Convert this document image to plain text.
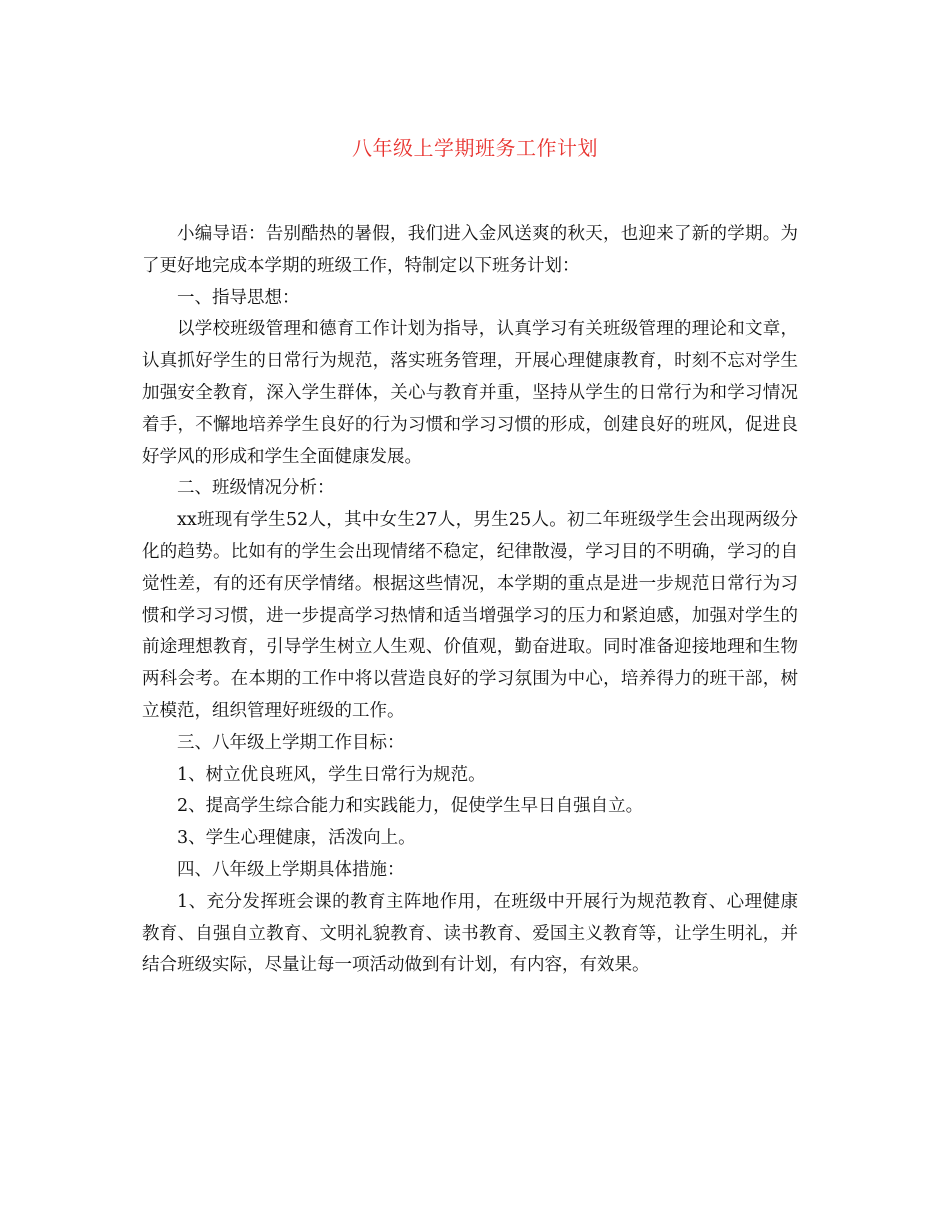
八年级上学期班务工作计划

小编导语：告别酷热的暑假，我们进入金风送爽的秋天，也迎来了新的学期。为了更好地完成本学期的班级工作，特制定以下班务计划：

一、指导思想：

以学校班级管理和德育工作计划为指导，认真学习有关班级管理的理论和文章，认真抓好学生的日常行为规范，落实班务管理，开展心理健康教育，时刻不忘对学生加强安全教育，深入学生群体，关心与教育并重，坚持从学生的日常行为和学习情况着手，不懈地培养学生良好的行为习惯和学习习惯的形成，创建良好的班风，促进良好学风的形成和学生全面健康发展。

二、班级情况分析：

xx班现有学生52人，其中女生27人，男生25人。初二年班级学生会出现两级分化的趋势。比如有的学生会出现情绪不稳定，纪律散漫，学习目的不明确，学习的自觉性差，有的还有厌学情绪。根据这些情况，本学期的重点是进一步规范日常行为习惯和学习习惯，进一步提高学习热情和适当增强学习的压力和紧迫感，加强对学生的前途理想教育，引导学生树立人生观、价值观，勤奋进取。同时准备迎接地理和生物两科会考。在本期的工作中将以营造良好的学习氛围为中心，培养得力的班干部，树立模范，组织管理好班级的工作。

三、八年级上学期工作目标：

1、树立优良班风，学生日常行为规范。

2、提高学生综合能力和实践能力，促使学生早日自强自立。

3、学生心理健康，活泼向上。

四、八年级上学期具体措施：

1、充分发挥班会课的教育主阵地作用，在班级中开展行为规范教育、心理健康教育、自强自立教育、文明礼貌教育、读书教育、爱国主义教育等，让学生明礼，并结合班级实际，尽量让每一项活动做到有计划，有内容，有效果。
